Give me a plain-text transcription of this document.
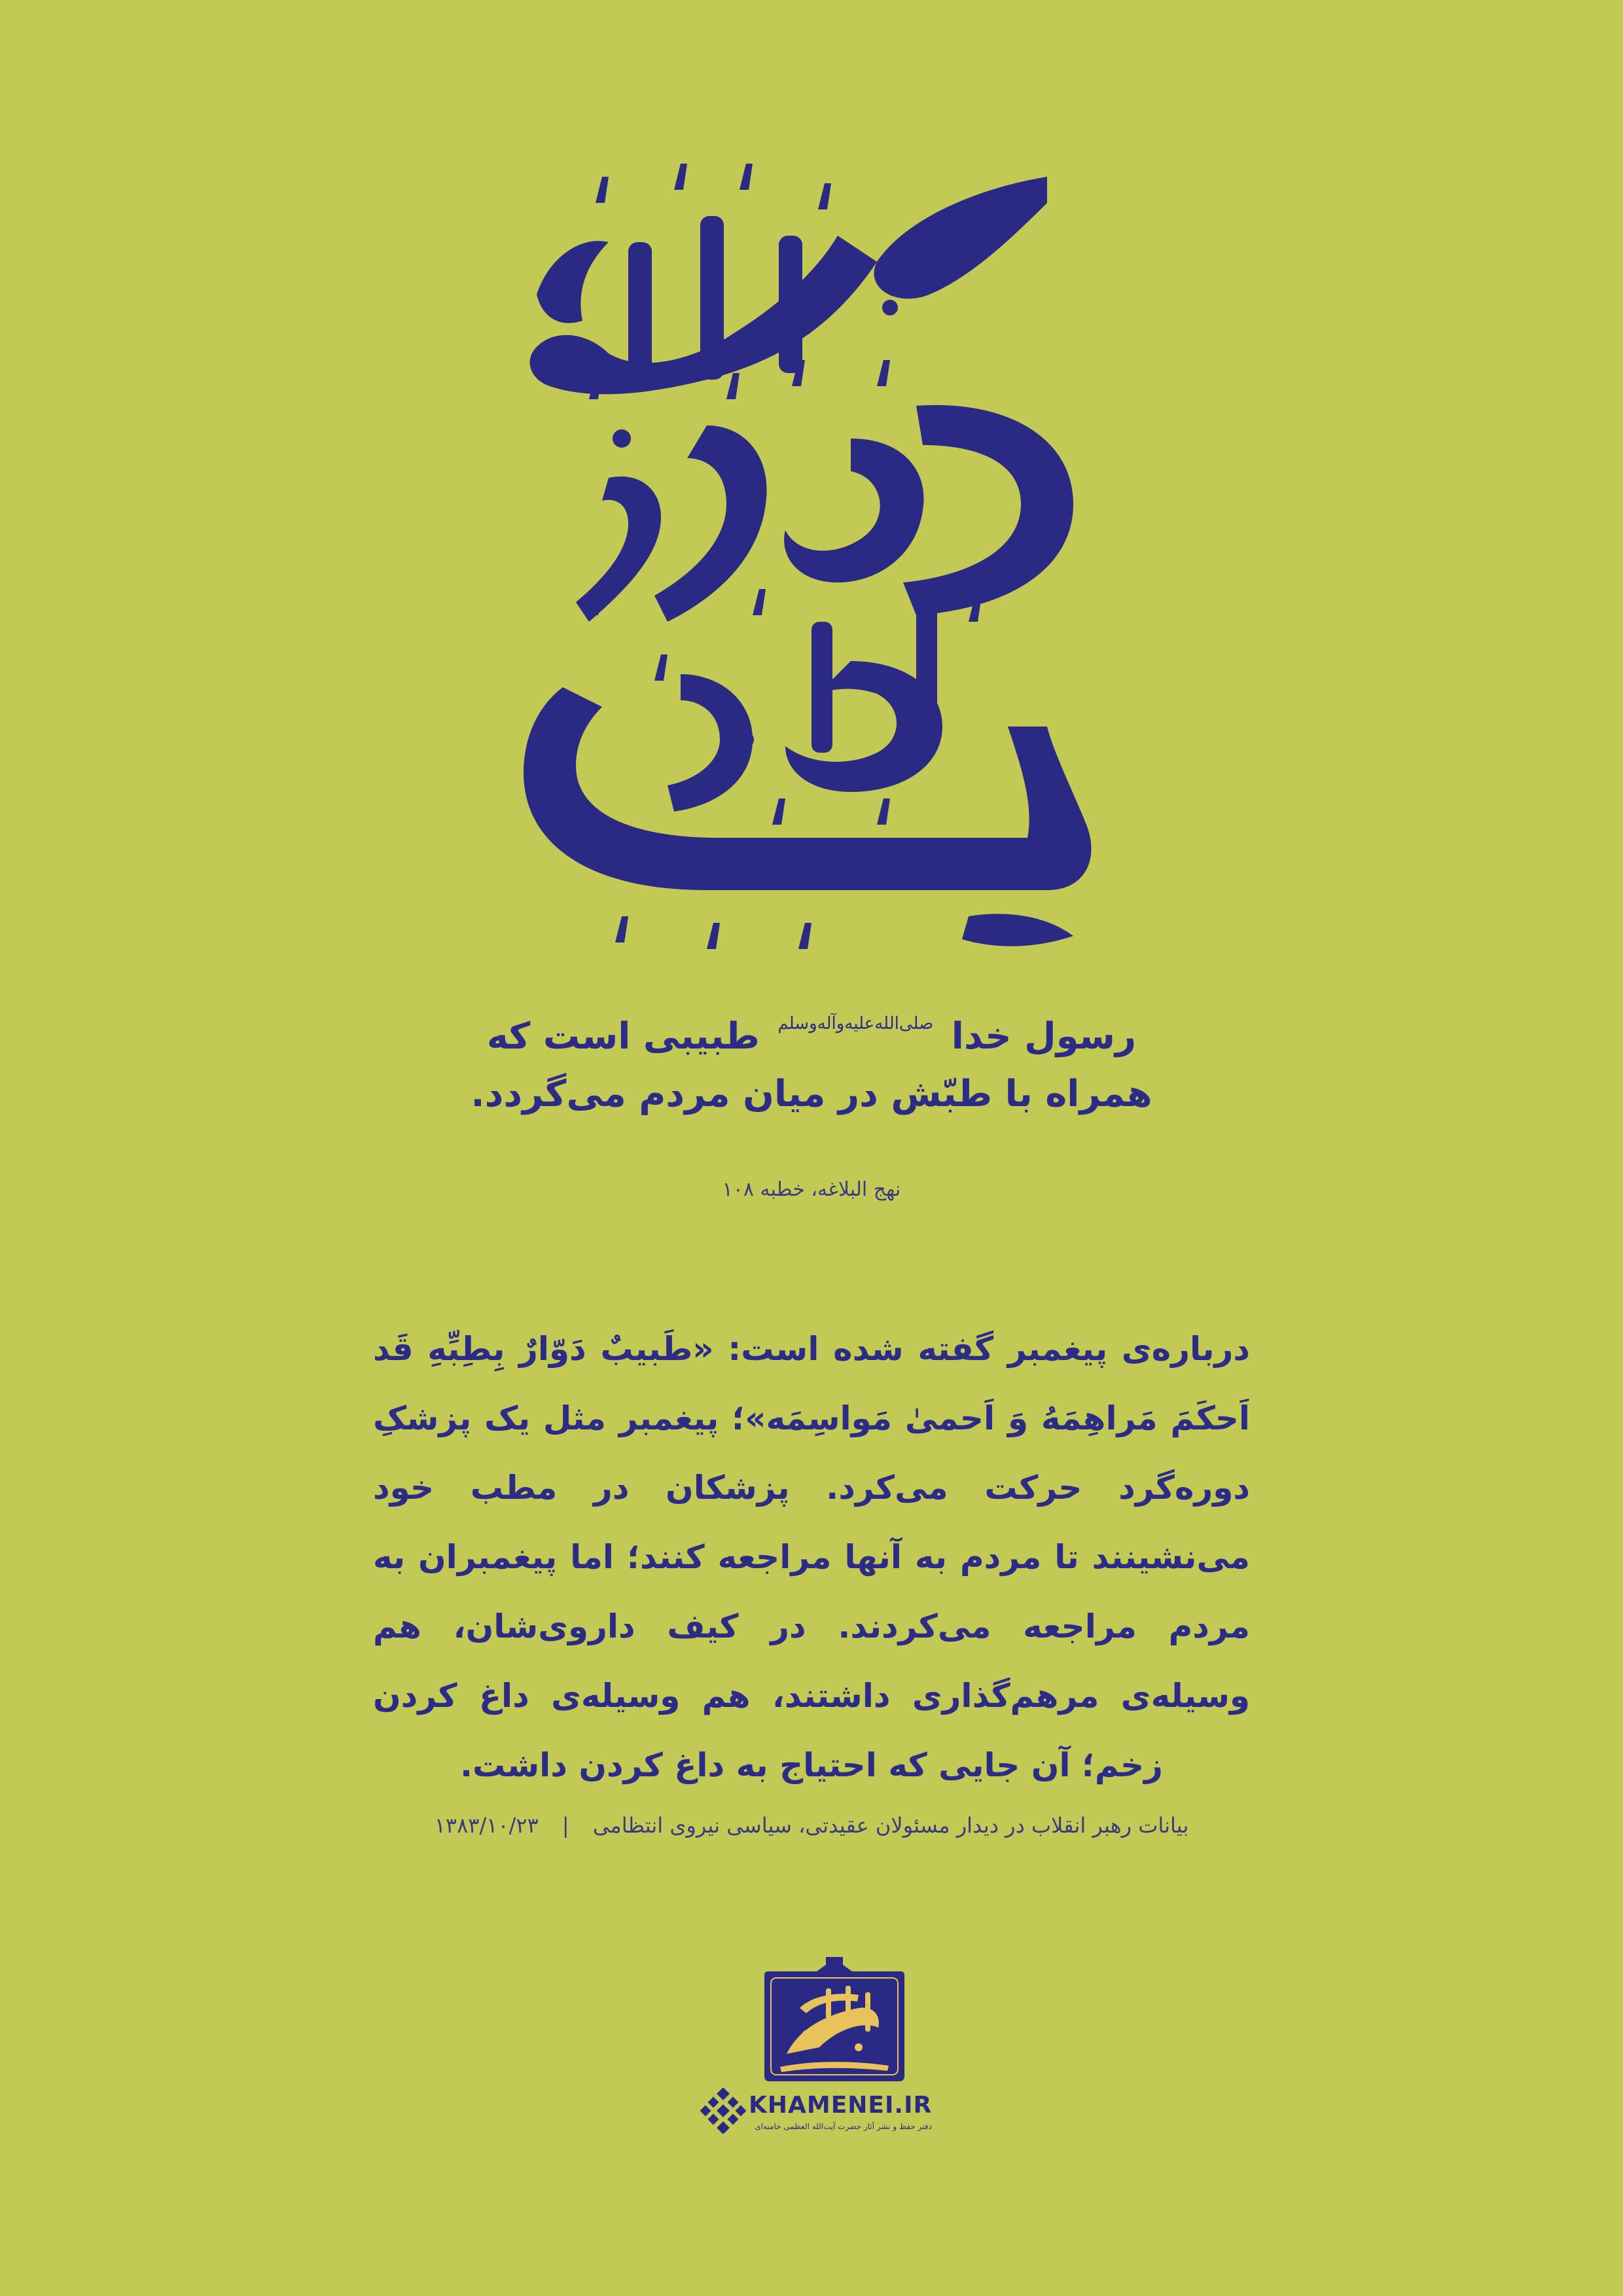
رسول خدا صلی‌الله‌علیه‌وآله‌وسلم طبیبی است که
همراه با طبّش در میان مردم می‌گردد.
نهج البلاغه، خطبه ۱۰۸
درباره‌ی پیغمبر گفته شده است: «طَبیبٌ دَوّارٌ بِطِبِّهِ قَد اَحکَمَ مَراهِمَهُ وَ اَحمیٰ مَواسِمَه»؛ پیغمبر مثل یک پزشکِ دوره‌گرد حرکت می‌کرد. پزشکان در مطب خود می‌نشینند تا مردم به آنها مراجعه کنند؛ اما پیغمبران به مردم مراجعه می‌کردند. در کیف داروی‌شان، هم وسیله‌ی مرهم‌گذاری داشتند، هم وسیله‌ی داغ کردن زخم؛ آن جایی که احتیاج به داغ کردن داشت.
بیانات رهبر انقلاب در دیدار مسئولان عقیدتی، سیاسی نیروی انتظامی | ۱۳۸۳/۱۰/۲۳
KHAMENEI.IR
دفتر حفظ و نشر آثار حضرت آیت‌الله العظمی خامنه‌ای
